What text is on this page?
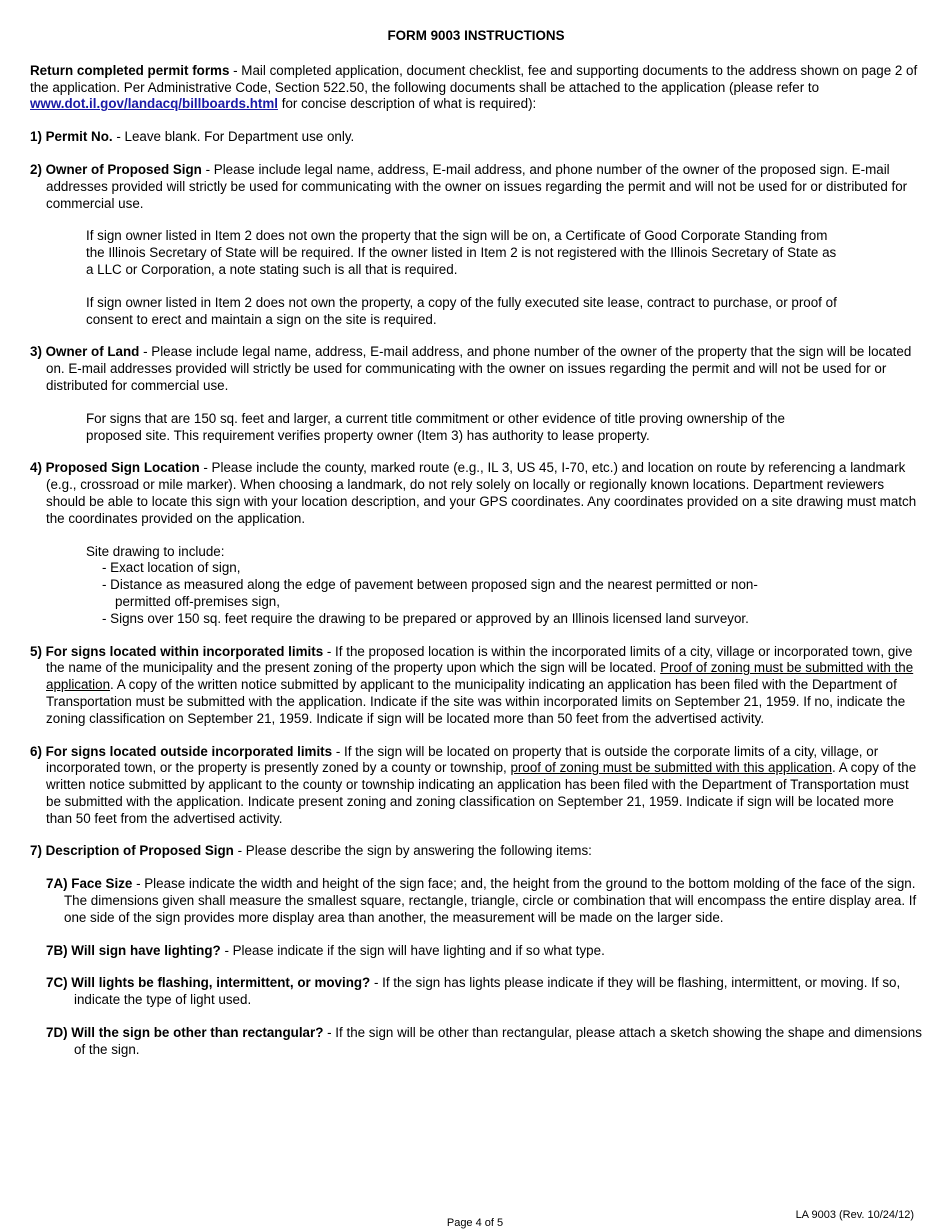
FORM 9003 INSTRUCTIONS

Return completed permit forms - Mail completed application, document checklist, fee and supporting documents to the address shown on page 2 of the application. Per Administrative Code, Section 522.50, the following documents shall be attached to the application (please refer to www.dot.il.gov/landacq/billboards.html for concise description of what is required):

1) Permit No. - Leave blank. For Department use only.

2) Owner of Proposed Sign - Please include legal name, address, E-mail address, and phone number of the owner of the proposed sign. E-mail addresses provided will strictly be used for communicating with the owner on issues regarding the permit and will not be used for or distributed for commercial use.

If sign owner listed in Item 2 does not own the property that the sign will be on, a Certificate of Good Corporate Standing from the Illinois Secretary of State will be required. If the owner listed in Item 2 is not registered with the Illinois Secretary of State as a LLC or Corporation, a note stating such is all that is required.

If sign owner listed in Item 2 does not own the property, a copy of the fully executed site lease, contract to purchase, or proof of consent to erect and maintain a sign on the site is required.

3) Owner of Land - Please include legal name, address, E-mail address, and phone number of the owner of the property that the sign will be located on. E-mail addresses provided will strictly be used for communicating with the owner on issues regarding the permit and will not be used for or distributed for commercial use.

For signs that are 150 sq. feet and larger, a current title commitment or other evidence of title proving ownership of the proposed site. This requirement verifies property owner (Item 3) has authority to lease property.

4) Proposed Sign Location - Please include the county, marked route (e.g., IL 3, US 45, I-70, etc.) and location on route by referencing a landmark (e.g., crossroad or mile marker). When choosing a landmark, do not rely solely on locally or regionally known locations. Department reviewers should be able to locate this sign with your location description, and your GPS coordinates. Any coordinates provided on a site drawing must match the coordinates provided on the application.

Site drawing to include:

- Exact location of sign,
- Distance as measured along the edge of pavement between proposed sign and the nearest permitted or non-permitted off-premises sign,
- Signs over 150 sq. feet require the drawing to be prepared or approved by an Illinois licensed land surveyor.

5) For signs located within incorporated limits - If the proposed location is within the incorporated limits of a city, village or incorporated town, give the name of the municipality and the present zoning of the property upon which the sign will be located. Proof of zoning must be submitted with the application. A copy of the written notice submitted by applicant to the municipality indicating an application has been filed with the Department of Transportation must be submitted with the application. Indicate if the site was within incorporated limits on September 21, 1959. If no, indicate the zoning classification on September 21, 1959. Indicate if sign will be located more than 50 feet from the advertised activity.

6) For signs located outside incorporated limits - If the sign will be located on property that is outside the corporate limits of a city, village, or incorporated town, or the property is presently zoned by a county or township, proof of zoning must be submitted with this application. A copy of the written notice submitted by applicant to the county or township indicating an application has been filed with the Department of Transportation must be submitted with the application. Indicate present zoning and zoning classification on September 21, 1959. Indicate if sign will be located more than 50 feet from the advertised activity.

7) Description of Proposed Sign - Please describe the sign by answering the following items:

7A) Face Size - Please indicate the width and height of the sign face; and, the height from the ground to the bottom molding of the face of the sign. The dimensions given shall measure the smallest square, rectangle, triangle, circle or combination that will encompass the entire display area. If one side of the sign provides more display area than another, the measurement will be made on the larger side.

7B) Will sign have lighting? - Please indicate if the sign will have lighting and if so what type.

7C) Will lights be flashing, intermittent, or moving? - If the sign has lights please indicate if they will be flashing, intermittent, or moving. If so, indicate the type of light used.

7D) Will the sign be other than rectangular? - If the sign will be other than rectangular, please attach a sketch showing the shape and dimensions of the sign.

LA 9003 (Rev. 10/24/12)
Page 4 of 5
